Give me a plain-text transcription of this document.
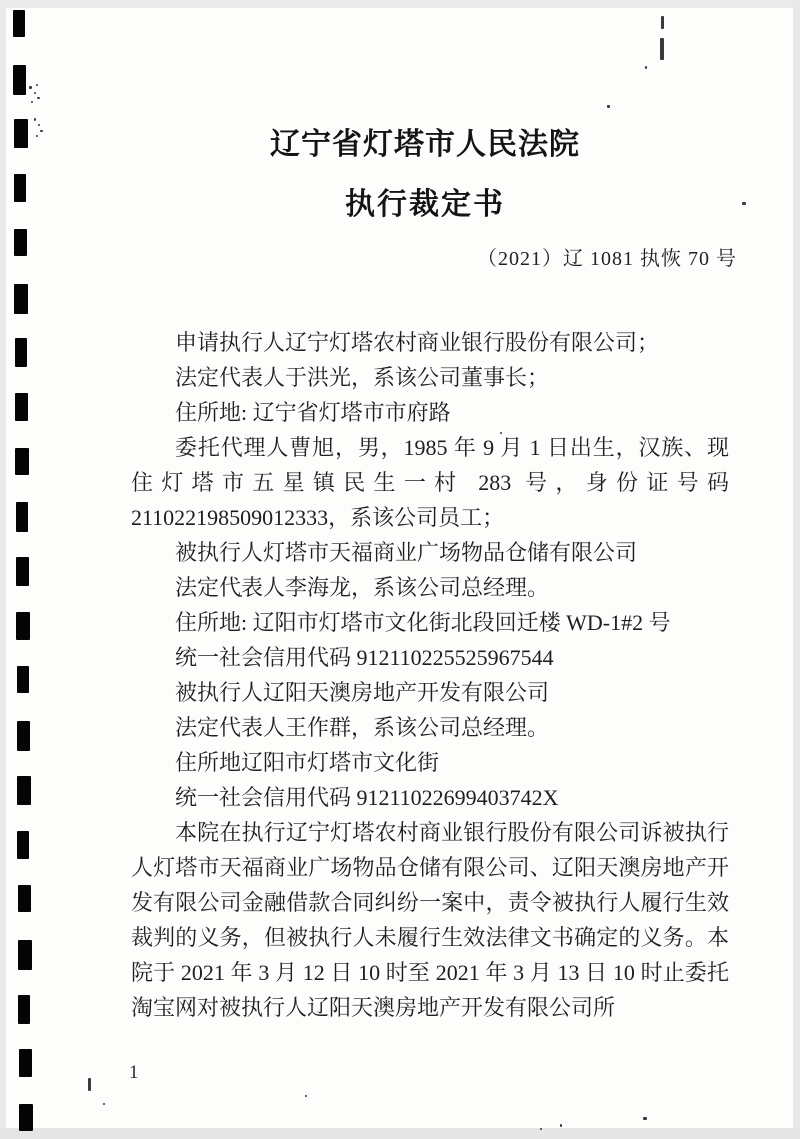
辽宁省灯塔市人民法院
执行裁定书
（2021）辽 1081 执恢 70 号

申请执行人辽宁灯塔农村商业银行股份有限公司；

法定代表人于洪光，系该公司董事长；

住所地: 辽宁省灯塔市市府路

委托代理人曹旭，男，1985 年 9 月 1 日出生，汉族、现住灯塔市五星镇民生一村 283 号，身份证号码211022198509012333，系该公司员工；

被执行人灯塔市天福商业广场物品仓储有限公司

法定代表人李海龙，系该公司总经理。

住所地: 辽阳市灯塔市文化街北段回迁楼 WD-1#2 号

统一社会信用代码 912110225525967544

被执行人辽阳天澳房地产开发有限公司

法定代表人王作群，系该公司总经理。

住所地辽阳市灯塔市文化街

统一社会信用代码 91211022699403742X

本院在执行辽宁灯塔农村商业银行股份有限公司诉被执行人灯塔市天福商业广场物品仓储有限公司、辽阳天澳房地产开发有限公司金融借款合同纠纷一案中，责令被执行人履行生效裁判的义务，但被执行人未履行生效法律文书确定的义务。本院于 2021 年 3 月 12 日 10 时至 2021 年 3 月 13 日 10 时止委托淘宝网对被执行人辽阳天澳房地产开发有限公司所

1
